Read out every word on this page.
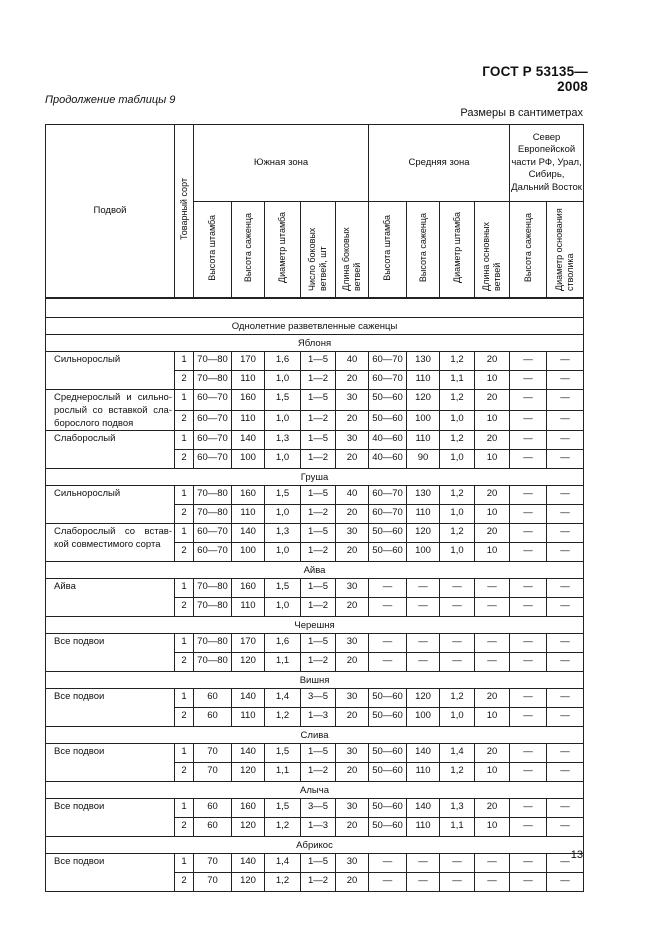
ГОСТ Р 53135—2008
Продолжение таблицы 9
Размеры в сантиметрах
Подвой	Товарный сорт	Южная зона					Средняя зона				Север Европейской части РФ, Урал, Сибирь, Дальний Восток	
		Высота штамба	Высота саженца	Диаметр штамба	Число боковых ветвей, шт	Длина боковых ветвей	Высота штамба	Высота саженца	Диаметр штамба	Длина основных ветвей	Высота саженца	Диаметр основания стволика

Однолетние разветвленные саженцы												
Яблоня												
Сильнорослый	1	70—80	170	1,6	1—5	40	60—70	130	1,2	20	—	—
	2	70—80	110	1,0	1—2	20	60—70	110	1,1	10	—	—
Среднерослый и сильно-рослый со вставкой сла-борослого подвоя	1	60—70	160	1,5	1—5	30	50—60	120	1,2	20	—	—
	2	60—70	110	1,0	1—2	20	50—60	100	1,0	10	—	—
Слаборослый	1	60—70	140	1,3	1—5	30	40—60	110	1,2	20	—	—
	2	60—70	100	1,0	1—2	20	40—60	90	1,0	10	—	—
Груша												
Сильнорослый	1	70—80	160	1,5	1—5	40	60—70	130	1,2	20	—	—
	2	70—80	110	1,0	1—2	20	60—70	110	1,0	10	—	—
Слаборослый со встав-кой совместимого сорта	1	60—70	140	1,3	1—5	30	50—60	120	1,2	20	—	—
	2	60—70	100	1,0	1—2	20	50—60	100	1,0	10	—	—
Айва												
Айва	1	70—80	160	1,5	1—5	30	—	—	—	—	—	—
	2	70—80	110	1,0	1—2	20	—	—	—	—	—	—
Черешня												
Все подвои	1	70—80	170	1,6	1—5	30	—	—	—	—	—	—
	2	70—80	120	1,1	1—2	20	—	—	—	—	—	—
Вишня												
Все подвои	1	60	140	1,4	3—5	30	50—60	120	1,2	20	—	—
	2	60	110	1,2	1—3	20	50—60	100	1,0	10	—	—
Слива												
Все подвои	1	70	140	1,5	1—5	30	50—60	140	1,4	20	—	—
	2	70	120	1,1	1—2	20	50—60	110	1,2	10	—	—
Алыча												
Все подвои	1	60	160	1,5	3—5	30	50—60	140	1,3	20	—	—
	2	60	120	1,2	1—3	20	50—60	110	1,1	10	—	—
Абрикос												
Все подвои	1	70	140	1,4	1—5	30	—	—	—	—	—	—
	2	70	120	1,2	1—2	20	—	—	—	—	—	—
13
